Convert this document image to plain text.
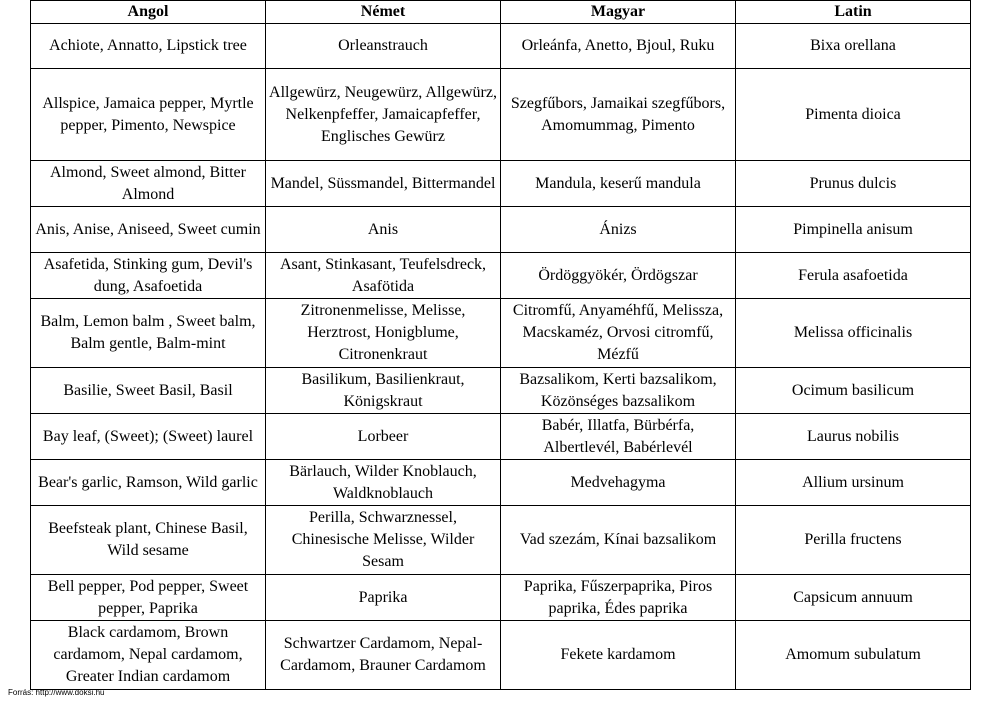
Angol	Német	Magyar	Latin
Achiote, Annatto, Lipstick tree	Orleanstrauch	Orleánfa, Anetto, Bjoul, Ruku	Bixa orellana
Allspice, Jamaica pepper, Myrtle pepper, Pimento, Newspice	Allgewürz, Neugewürz, Allgewürz, Nelkenpfeffer, Jamaicapfeffer, Englisches Gewürz	Szegfűbors, Jamaikai szegfűbors, Amomummag, Pimento	Pimenta dioica
Almond, Sweet almond, Bitter Almond	Mandel, Süssmandel, Bittermandel	Mandula, keserű mandula	Prunus dulcis
Anis, Anise, Aniseed, Sweet cumin	Anis	Ánizs	Pimpinella anisum
Asafetida, Stinking gum, Devil's dung, Asafoetida	Asant, Stinkasant, Teufelsdreck, Asafötida	Ördöggyökér, Ördögszar	Ferula asafoetida
Balm, Lemon balm , Sweet balm, Balm gentle, Balm-mint	Zitronenmelisse, Melisse, Herztrost, Honigblume, Citronenkraut	Citromfű, Anyaméhfű, Melissza, Macskaméz, Orvosi citromfű, Mézfű	Melissa officinalis
Basilie, Sweet Basil, Basil	Basilikum, Basilienkraut, Königskraut	Bazsalikom, Kerti bazsalikom, Közönséges bazsalikom	Ocimum basilicum
Bay leaf, (Sweet); (Sweet) laurel	Lorbeer	Babér, Illatfa, Bürbérfa, Albertlevél, Babérlevél	Laurus nobilis
Bear's garlic, Ramson, Wild garlic	Bärlauch, Wilder Knoblauch, Waldknoblauch	Medvehagyma	Allium ursinum
Beefsteak plant, Chinese Basil, Wild sesame	Perilla, Schwarznessel, Chinesische Melisse, Wilder Sesam	Vad szezám, Kínai bazsalikom	Perilla fructens
Bell pepper, Pod pepper, Sweet pepper, Paprika	Paprika	Paprika, Fűszerpaprika, Piros paprika, Édes paprika	Capsicum annuum
Black cardamom, Brown cardamom, Nepal cardamom, Greater Indian cardamom	Schwartzer Cardamom, Nepal-Cardamom, Brauner Cardamom	Fekete kardamom	Amomum subulatum
Forrás: http://www.doksi.hu
